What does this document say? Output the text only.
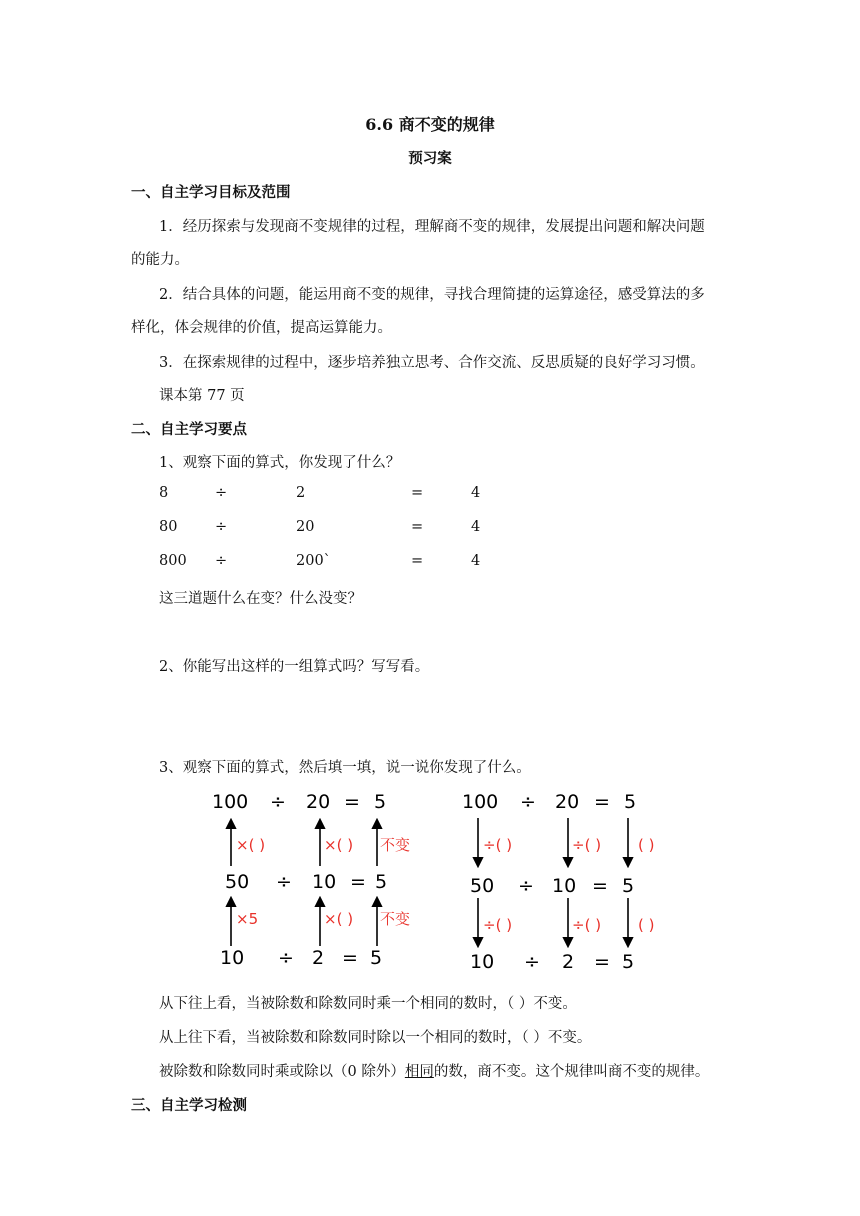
6.6 商不变的规律
预习案
一、自主学习目标及范围
1．经历探索与发现商不变规律的过程，理解商不变的规律，发展提出问题和解决问题
的能力。
2．结合具体的问题，能运用商不变的规律，寻找合理简捷的运算途径，感受算法的多
样化，体会规律的价值，提高运算能力。
3．在探索规律的过程中，逐步培养独立思考、合作交流、反思质疑的良好学习习惯。
课本第 77 页
二、自主学习要点
1、观察下面的算式，你发现了什么？
8	÷	2	=	4
80	÷	20	=	4
800 ÷	200`	=	4
这三道题什么在变？什么没变？
2、你能写出这样的一组算式吗？写写看。
3、观察下面的算式，然后填一填，说一说你发现了什么。
100 ÷ 20 = 5
50 ÷ 10 = 5
10 ÷ 2 = 5
×( )	×( ) 不变
×5	×( ) 不变
100 ÷ 20 = 5
50 ÷ 10 = 5
10 ÷ 2 = 5
÷( )	÷( ) ( )
÷( )	÷( ) ( )
从下往上看，当被除数和除数同时乘一个相同的数时，（ ）不变。
从上往下看，当被除数和除数同时除以一个相同的数时，（ ）不变。
被除数和除数同时乘或除以（0 除外）相同的数，商不变。这个规律叫商不变的规律。
三、自主学习检测
